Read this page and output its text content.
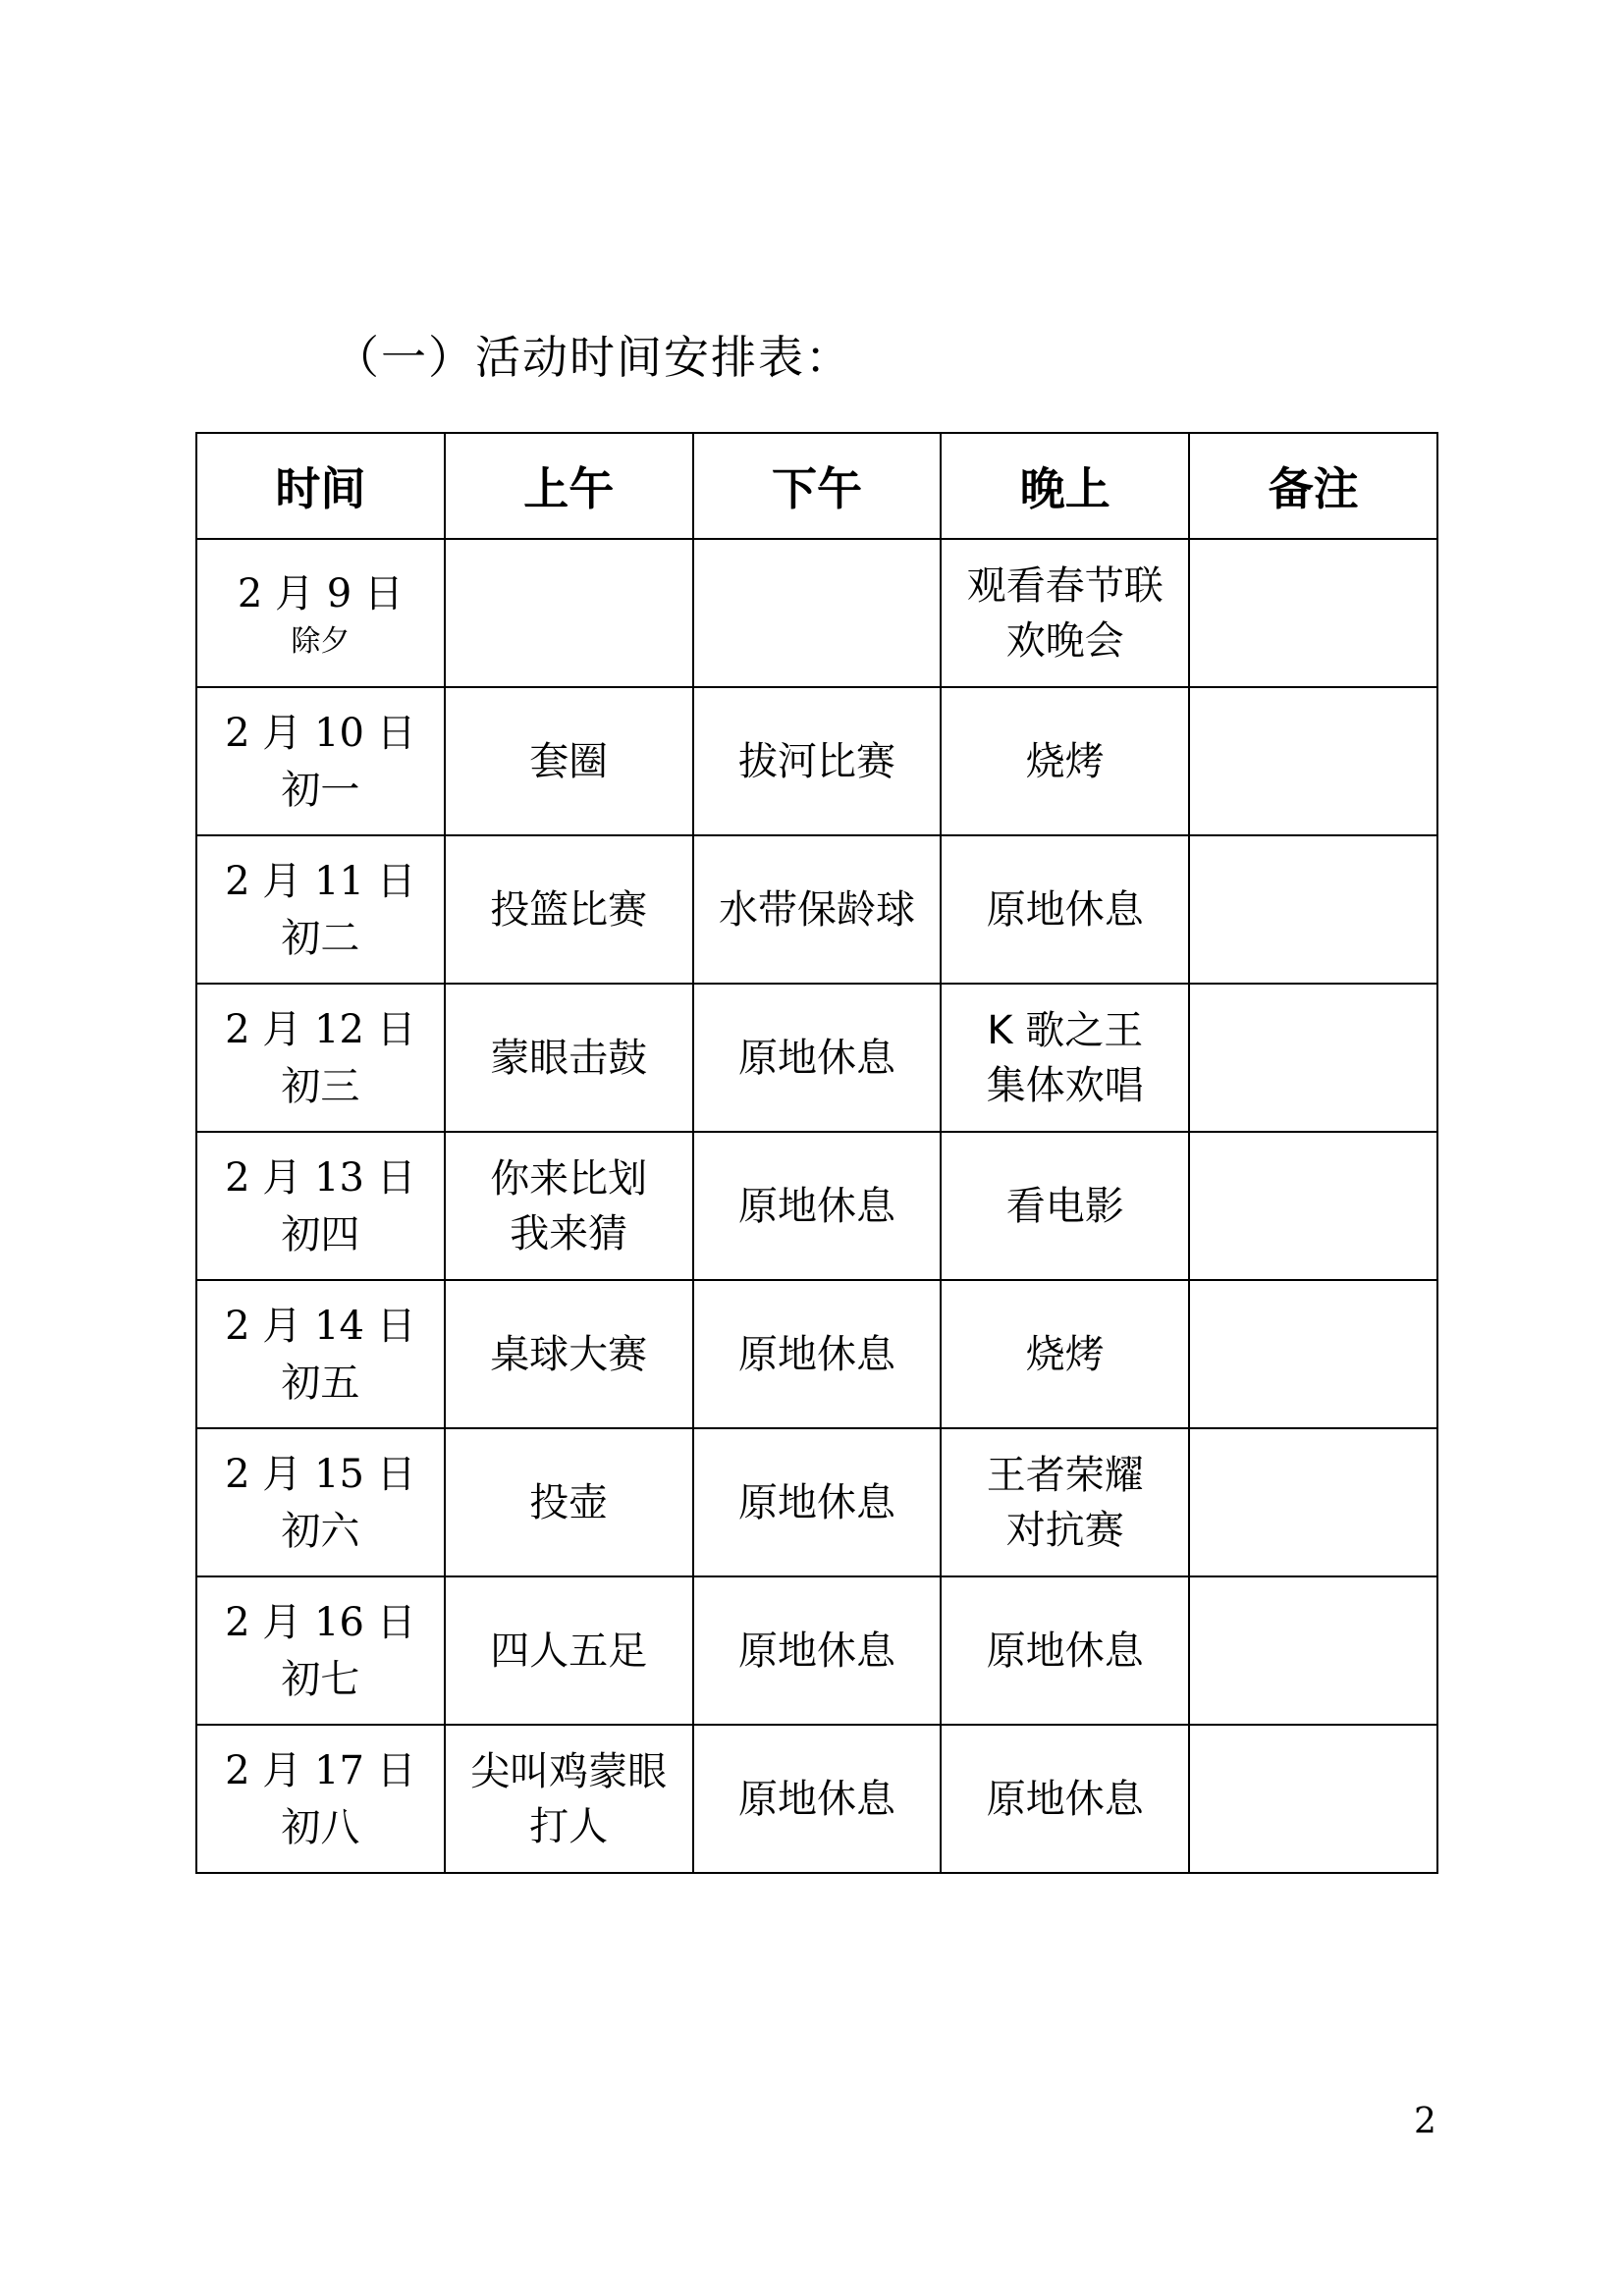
（一）活动时间安排表：
时间	上午	下午	晚上	备注

2 月 9 日
除夕			观看春节联
欢晚会	

2 月 10 日
初一	套圈	拔河比赛	烧烤	

2 月 11 日
初二	投篮比赛	水带保龄球	原地休息	

2 月 12 日
初三	蒙眼击鼓	原地休息	K 歌之王
集体欢唱	

2 月 13 日
初四	你来比划
我来猜	原地休息	看电影	

2 月 14 日
初五	桌球大赛	原地休息	烧烤	

2 月 15 日
初六	投壶	原地休息	王者荣耀
对抗赛	

2 月 16 日
初七	四人五足	原地休息	原地休息	

2 月 17 日
初八	尖叫鸡蒙眼
打人	原地休息	原地休息	
2
